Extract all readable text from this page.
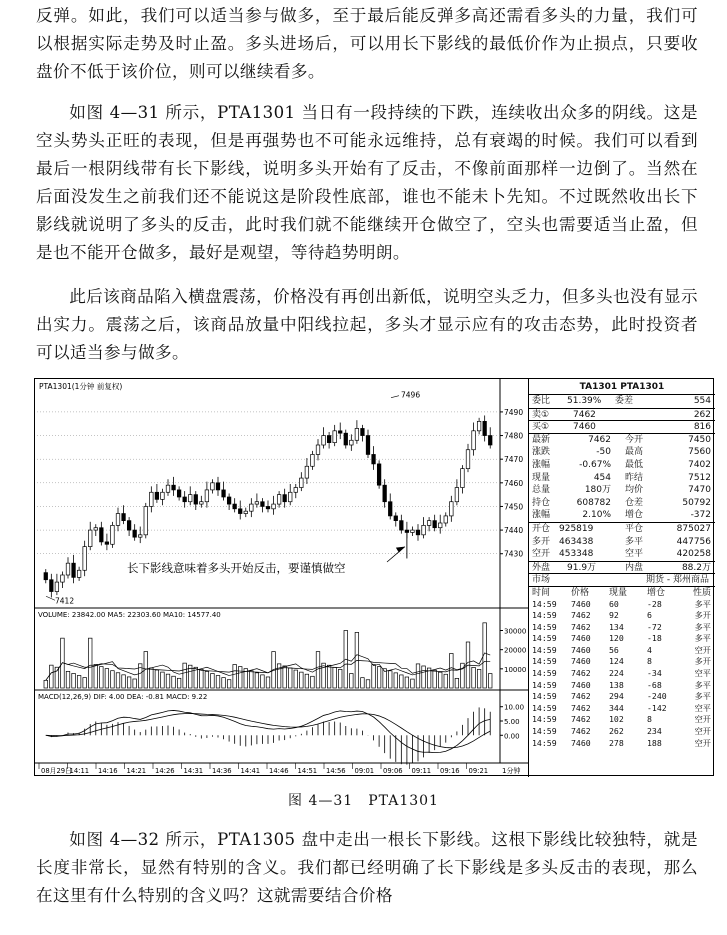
反弹。如此，我们可以适当参与做多，至于最后能反弹多高还需看多头的力量，我们可以根据实际走势及时止盈。多头进场后，可以用长下影线的最低价作为止损点，只要收盘价不低于该价位，则可以继续看多。
如图 4—31 所示，PTA1301 当日有一段持续的下跌，连续收出众多的阴线。这是空头势头正旺的表现，但是再强势也不可能永远维持，总有衰竭的时候。我们可以看到最后一根阴线带有长下影线，说明多头开始有了反击，不像前面那样一边倒了。当然在后面没发生之前我们还不能说这是阶段性底部，谁也不能未卜先知。不过既然收出长下影线就说明了多头的反击，此时我们就不能继续开仓做空了，空头也需要适当止盈，但是也不能开仓做多，最好是观望，等待趋势明朗。
此后该商品陷入横盘震荡，价格没有再创出新低，说明空头乏力，但多头也没有显示出实力。震荡之后，该商品放量中阳线拉起，多头才显示应有的攻击态势，此时投资者可以适当参与做多。
7490
7480
7470
7460
7450
7440
7430
PTA1301(1分钟 前复权)
7496
7412
长下影线意味着多头开始反击，要谨慎做空
VOLUME: 23842.00 MA5: 22303.60 MA10: 14577.40
30000
20000
10000
MACD(12,26,9) DIF: 4.00 DEA: -0.81 MACD: 9.22
10.00
5.00
0.00
08月29日
14:11 14:16 14:21 14:26 14:31 14:36 14:41 14:46 14:51 14:56 09:01 09:06 09:11 09:16 09:21 1分钟
TA1301 PTA1301
委比 51.39% 委差	554
卖①	7462	262
买①	7460	816
最新	7462 今开	7450
涨跌	-50 最高	7560
涨幅	-0.67% 最低	7402
现量	454 昨结	7512
总量	180万 均价	7470
持仓	608782 仓差	50792
涨幅	2.10% 增仓	-372
开仓 925819	平仓	875027
多开 463438	多平	447756
空开 453348	空平	420258
外盘 91.9万	内盘	88.2万
市场	期货 - 郑州商品
时间 价格 现量 增仓	性质
14:59 7460 60	-28	多平
14:59 7462 92	6	多开
14:59 7462 134	-72	多平
14:59 7460 120	-18	多平
14:59 7460 56	4	空开
14:59 7460 124	8	多开
14:59 7462 224	-34	空平
14:59 7460 138	-68	多平
14:59 7462 294	-240	多平
14:59 7462 344	-142	空平
14:59 7462 102	8	空开
14:59 7462 262	234	空开
14:59 7460 278	188	空开
图 4—31　PTA1301
如图 4—32 所示，PTA1305 盘中走出一根长下影线。这根下影线比较独特，就是长度非常长，显然有特别的含义。我们都已经明确了长下影线是多头反击的表现，那么在这里有什么特别的含义吗？这就需要结合价格
